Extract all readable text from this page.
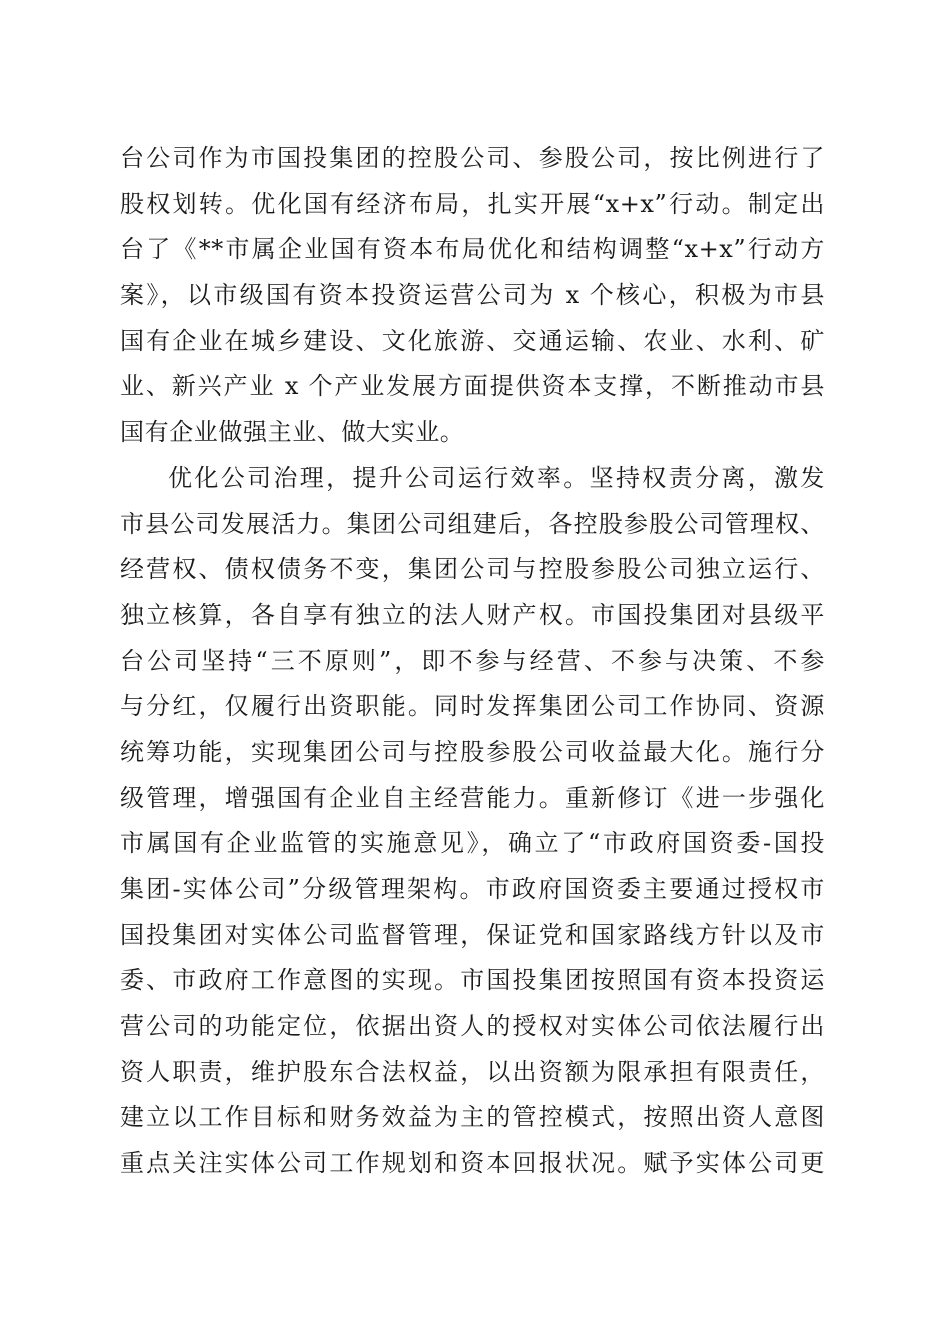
台公司作为市国投集团的控股公司、参股公司，按比例进行了
股权划转。优化国有经济布局，扎实开展“x+x”行动。制定出
台了《**市属企业国有资本布局优化和结构调整“x+x”行动方
案》，以市级国有资本投资运营公司为 x 个核心，积极为市县
国有企业在城乡建设、文化旅游、交通运输、农业、水利、矿
业、新兴产业 x 个产业发展方面提供资本支撑，不断推动市县
国有企业做强主业、做大实业。
优化公司治理，提升公司运行效率。坚持权责分离，激发
市县公司发展活力。集团公司组建后，各控股参股公司管理权、
经营权、债权债务不变，集团公司与控股参股公司独立运行、
独立核算，各自享有独立的法人财产权。市国投集团对县级平
台公司坚持“三不原则”，即不参与经营、不参与决策、不参
与分红，仅履行出资职能。同时发挥集团公司工作协同、资源
统筹功能，实现集团公司与控股参股公司收益最大化。施行分
级管理，增强国有企业自主经营能力。重新修订《进一步强化
市属国有企业监管的实施意见》，确立了“市政府国资委-国投
集团-实体公司”分级管理架构。市政府国资委主要通过授权市
国投集团对实体公司监督管理，保证党和国家路线方针以及市
委、市政府工作意图的实现。市国投集团按照国有资本投资运
营公司的功能定位，依据出资人的授权对实体公司依法履行出
资人职责，维护股东合法权益，以出资额为限承担有限责任，
建立以工作目标和财务效益为主的管控模式，按照出资人意图
重点关注实体公司工作规划和资本回报状况。赋予实体公司更
